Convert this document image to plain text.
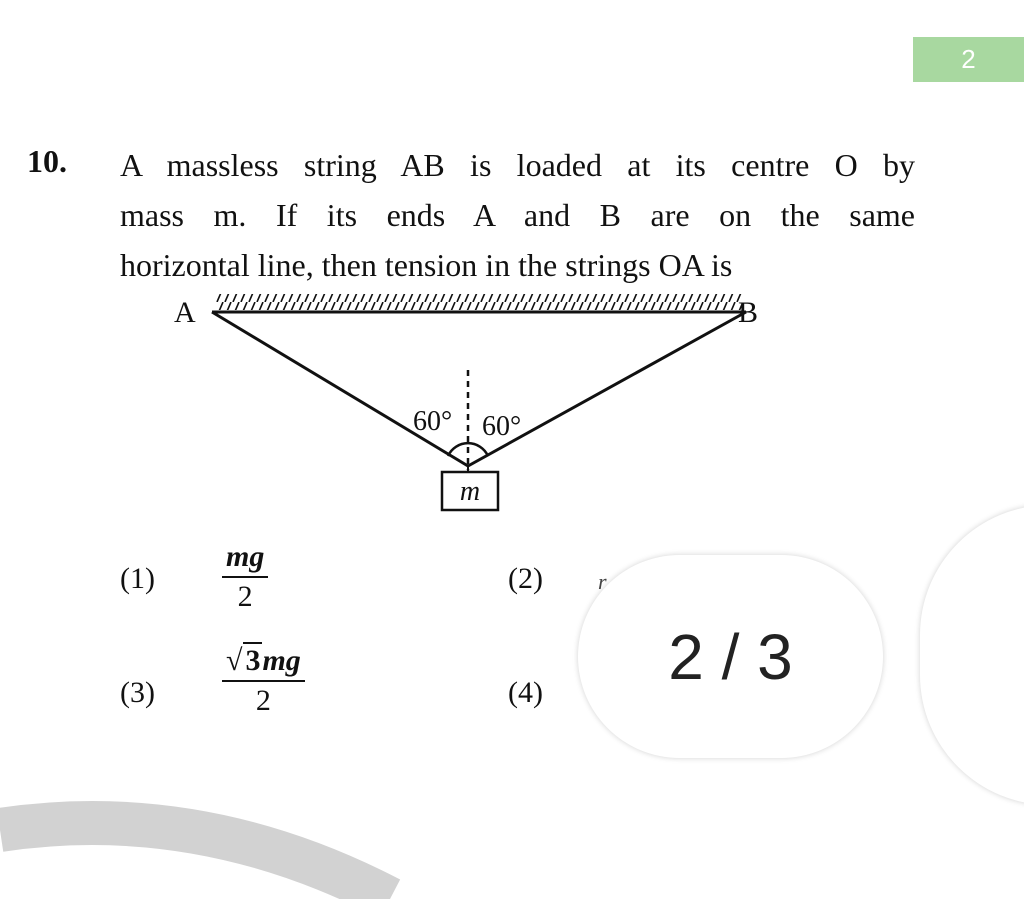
2
10. A massless string AB is loaded at its centre O by
mass m. If its ends A and B are on the same
horizontal line, then tension in the strings OA is
A	B
60° 60°
m
(1)
mg
2
(2)	r
(3)
√ 3 mg
2	(4) 2 / 3
